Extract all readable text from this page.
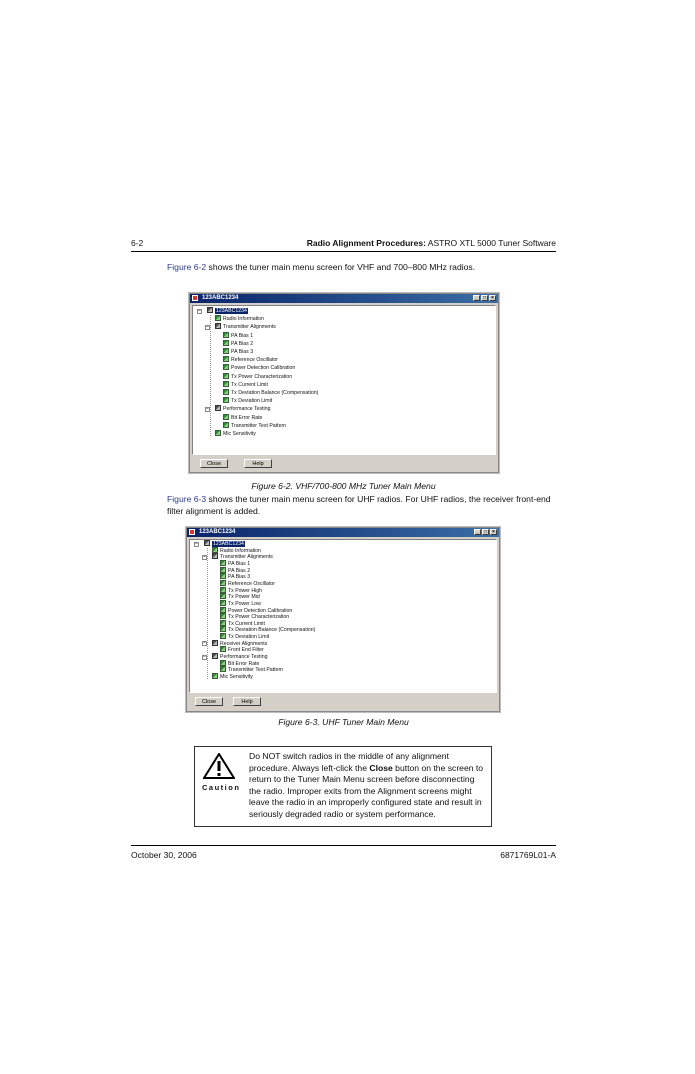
6-2	Radio Alignment Procedures: ASTRO XTL 5000 Tuner Software
Figure 6-2 shows the tuner main menu screen for VHF and 700–800 MHz radios.
123ABC1234	_	□	×
123ABC1234
−
Radio Information
Transmitter Alignments
−
PA Bias 1
PA Bias 2
PA Bias 3
Reference Oscillator
Power Detection Calibration
Tx Power Characterization
Tx Current Limit
Tx Deviation Balance (Compensation)
Tx Deviation Limit
Performance Testing
−
Bit Error Rate
Transmitter Test Pattern
Mic Sensitivity
Close	Help
Figure 6-2. VHF/700-800 MHz Tuner Main Menu
Figure 6-3 shows the tuner main menu screen for UHF radios. For UHF radios, the receiver front-end
filter alignment is added.
123ABC1234	_	□	×
123ABC1234
−
Radio Information
Transmitter Alignments
−
PA Bias 1
PA Bias 2
PA Bias 3
Reference Oscillator
Tx Power High
Tx Power Mid
Tx Power Low
Power Detection Calibration
Tx Power Characterization
Tx Current Limit
Tx Deviation Balance (Compensation)
Tx Deviation Limit
Receiver Alignments
−
Front End Filter
Performance Testing
−
Bit Error Rate
Transmitter Test Pattern
Mic Sensitivity
Close	Help
Figure 6-3. UHF Tuner Main Menu
Caution
Do NOT switch radios in the middle of any alignment
procedure. Always left-click the Close button on the screen to
return to the Tuner Main Menu screen before disconnecting
the radio. Improper exits from the Alignment screens might
leave the radio in an improperly configured state and result in
seriously degraded radio or system performance.
October 30, 2006	6871769L01-A
